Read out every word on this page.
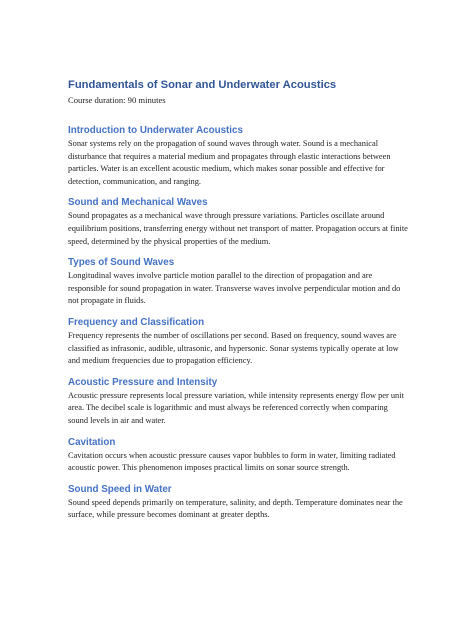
Fundamentals of Sonar and Underwater Acoustics

Course duration: 90 minutes

Introduction to Underwater Acoustics

Sonar systems rely on the propagation of sound waves through water. Sound is a mechanical disturbance that requires a material medium and propagates through elastic interactions between particles. Water is an excellent acoustic medium, which makes sonar possible and effective for detection, communication, and ranging.

Sound and Mechanical Waves

Sound propagates as a mechanical wave through pressure variations. Particles oscillate around equilibrium positions, transferring energy without net transport of matter. Propagation occurs at finite speed, determined by the physical properties of the medium.

Types of Sound Waves

Longitudinal waves involve particle motion parallel to the direction of propagation and are responsible for sound propagation in water. Transverse waves involve perpendicular motion and do not propagate in fluids.

Frequency and Classification

Frequency represents the number of oscillations per second. Based on frequency, sound waves are classified as infrasonic, audible, ultrasonic, and hypersonic. Sonar systems typically operate at low and medium frequencies due to propagation efficiency.

Acoustic Pressure and Intensity

Acoustic pressure represents local pressure variation, while intensity represents energy flow per unit area. The decibel scale is logarithmic and must always be referenced correctly when comparing sound levels in air and water.

Cavitation

Cavitation occurs when acoustic pressure causes vapor bubbles to form in water, limiting radiated acoustic power. This phenomenon imposes practical limits on sonar source strength.

Sound Speed in Water

Sound speed depends primarily on temperature, salinity, and depth. Temperature dominates near the surface, while pressure becomes dominant at greater depths.
